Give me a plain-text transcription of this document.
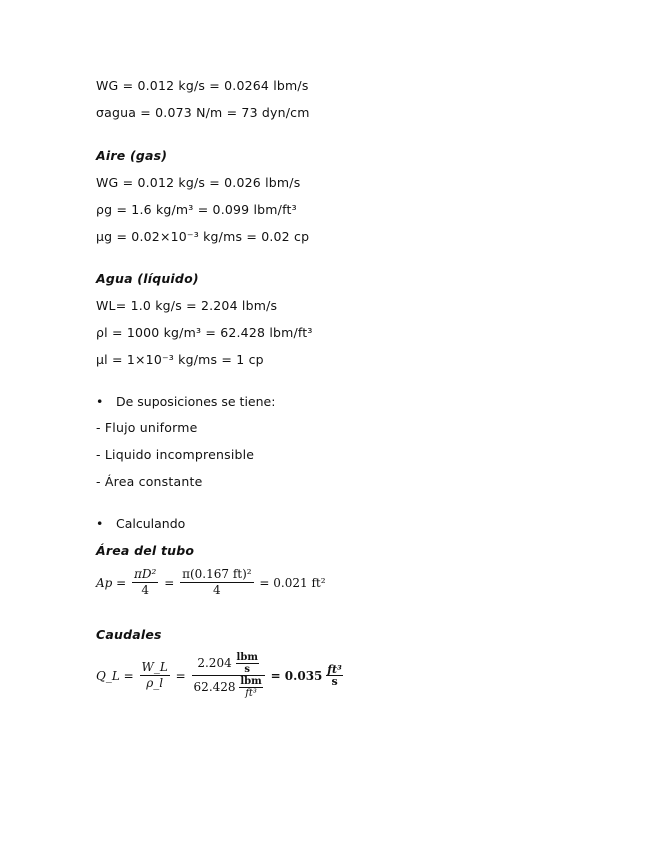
WG = 0.012 kg/s = 0.0264 lbm/s
σagua = 0.073 N/m = 73 dyn/cm
Aire (gas)
WG = 0.012 kg/s = 0.026 lbm/s
ρg = 1.6 kg/m³ = 0.099 lbm/ft³
µg = 0.02×10⁻³ kg/ms = 0.02 cp
Agua (líquido)
WL= 1.0 kg/s = 2.204 lbm/s
ρl = 1000 kg/m³ = 62.428 lbm/ft³
µl = 1×10⁻³ kg/ms = 1 cp
• De suposiciones se tiene:
- Flujo uniforme
- Liquido incomprensible
- Área constante
• Calculando
Área del tubo
$Ap = \frac{\text{πD²}}{4} = \frac{\text{π(0.167 ft)²}}{4} = 0.021$ ft²
Caudales
Q_L = $\frac{W\_L}{\rho\_l} = \frac{2.204 \frac{\text{lbm}}{s}}{62.428 \frac{\text{lbm}}{\text{ft³}}} = 0.035 \frac{\text{ft³}}{s}$
